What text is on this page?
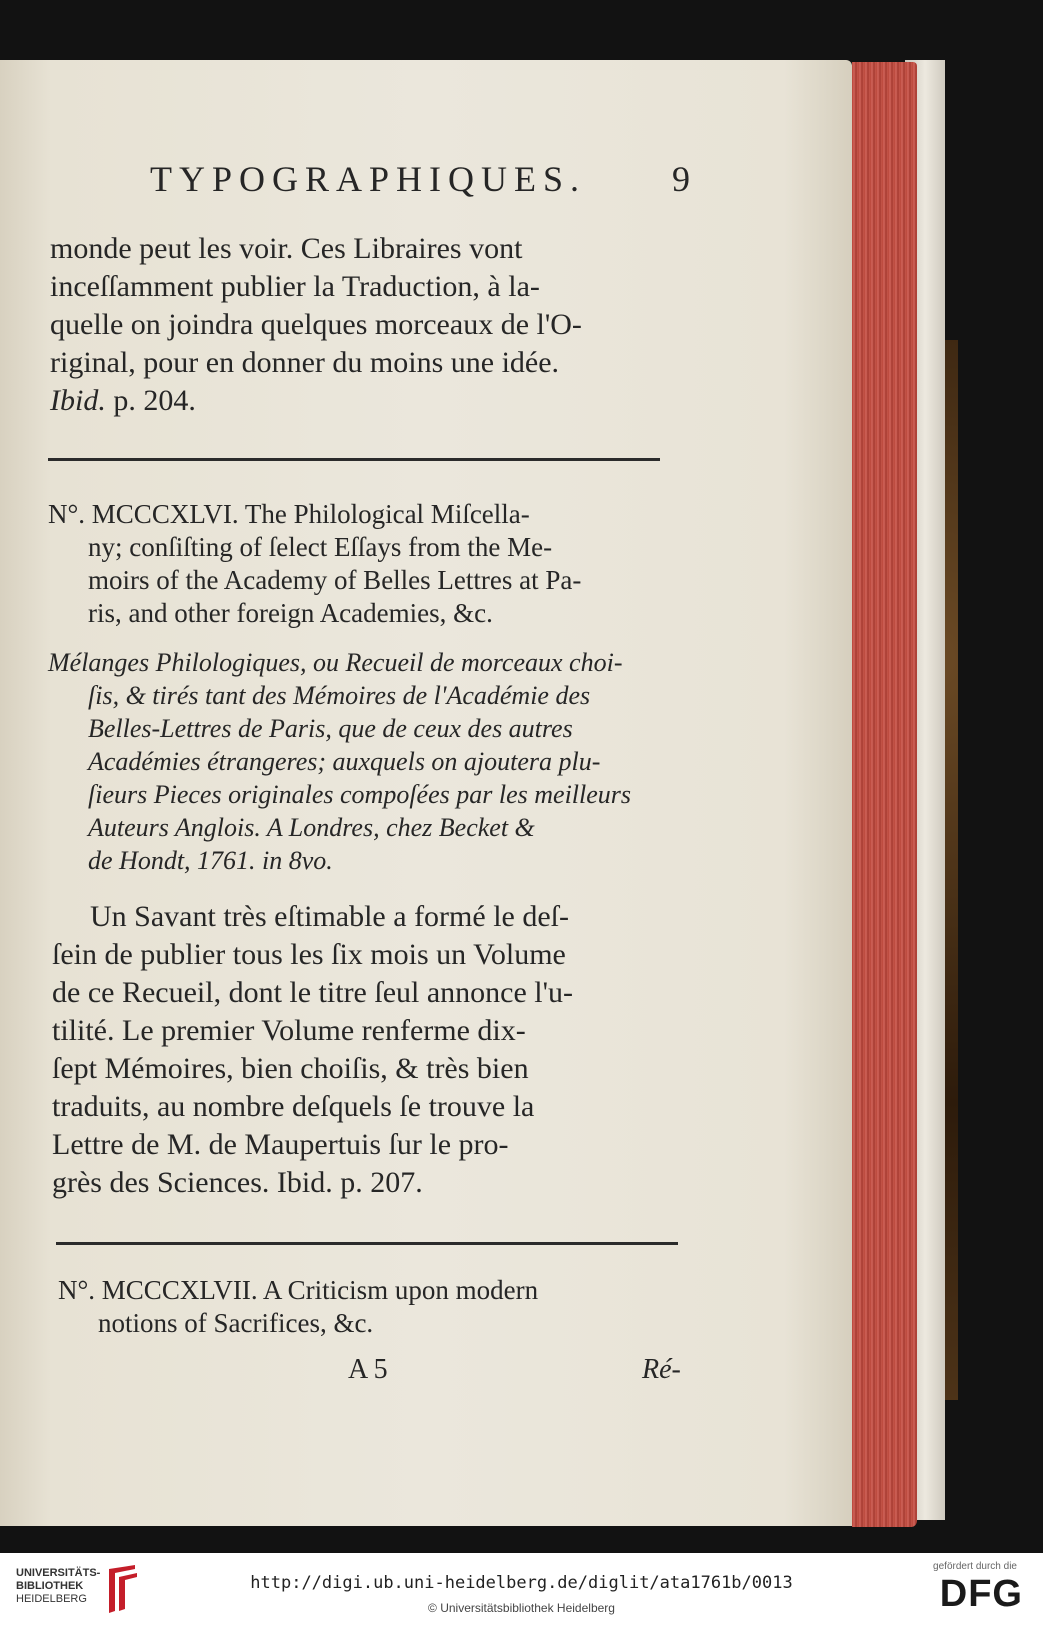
TYPOGRAPHIQUES. 9
monde peut les voir. Ces Libraires vont
inceſſamment publier la Traduction, à la-
quelle on joindra quelques morceaux de l'O-
riginal, pour en donner du moins une idée.
Ibid. p. 204.
N°. MCCCXLVI. The Philological Miſcella-
ny; conſiſting of ſelect Eſſays from the Me-
moirs of the Academy of Belles Lettres at Pa-
ris, and other foreign Academies, &c.
Mélanges Philologiques, ou Recueil de morceaux choi-
ſis, & tirés tant des Mémoires de l'Académie des
Belles-Lettres de Paris, que de ceux des autres
Académies étrangeres; auxquels on ajoutera plu-
ſieurs Pieces originales compoſées par les meilleurs
Auteurs Anglois. A Londres, chez Becket &
de Hondt, 1761. in 8vo.
Un Savant très eſtimable a formé le deſ-
ſein de publier tous les ſix mois un Volume
de ce Recueil, dont le titre ſeul annonce l'u-
tilité. Le premier Volume renferme dix-
ſept Mémoires, bien choiſis, & très bien
traduits, au nombre deſquels ſe trouve la
Lettre de M. de Maupertuis ſur le pro-
grès des Sciences. Ibid. p. 207.
N°. MCCCXLVII. A Criticism upon modern
notions of Sacrifices, &c.
A 5	Ré-
UNIVERSITÄTS-
BIBLIOTHEK
HEIDELBERG
http://digi.ub.uni-heidelberg.de/diglit/ata1761b/0013
© Universitätsbibliothek Heidelberg
gefördert durch die
DFG
